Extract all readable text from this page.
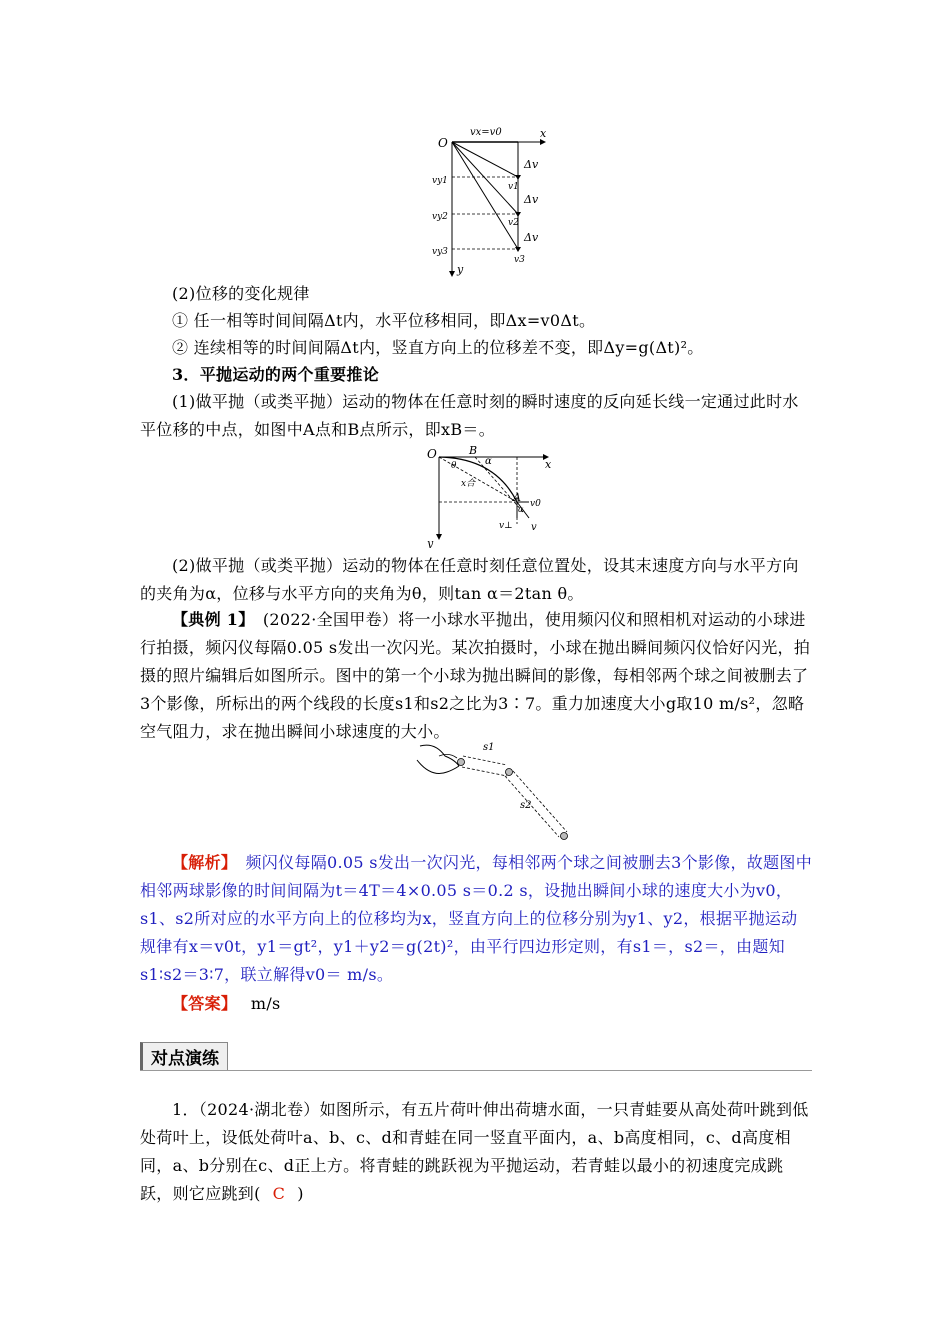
O
vx=v0	x
y
vy1
vy2
vy3
v1
v2
v3
Δv
Δv
Δv
(2)位移的变化规律
① 任一相等时间间隔Δt内，水平位移相同，即Δx=v0Δt。
② 连续相等的时间间隔Δt内，竖直方向上的位移差不变，即Δy=g(Δt)²。
3．平抛运动的两个重要推论
(1)做平抛（或类平抛）运动的物体在任意时刻的瞬时速度的反向延长线一定通过此时水平位移的中点，如图中A点和B点所示，即xB＝。
O	B
α
θ	x
y
x合
A v0
α
v⊥ v
(2)做平抛（或类平抛）运动的物体在任意时刻任意位置处，设其末速度方向与水平方向的夹角为α，位移与水平方向的夹角为θ，则tan α＝2tan θ。
【典例 1】　(2022·全国甲卷）将一小球水平抛出，使用频闪仪和照相机对运动的小球进行拍摄，频闪仪每隔0.05 s发出一次闪光。某次拍摄时，小球在抛出瞬间频闪仪恰好闪光，拍摄的照片编辑后如图所示。图中的第一个小球为抛出瞬间的影像，每相邻两个球之间被删去了3个影像，所标出的两个线段的长度s1和s2之比为3∶7。重力加速度大小g取10 m/s²，忽略空气阻力，求在抛出瞬间小球速度的大小。
s1
s2
【解析】　频闪仪每隔0.05 s发出一次闪光，每相邻两个球之间被删去3个影像，故题图中相邻两球影像的时间间隔为t＝4T＝4×0.05 s＝0.2 s，设抛出瞬间小球的速度大小为v0，s1、s2所对应的水平方向上的位移均为x，竖直方向上的位移分别为y1、y2，根据平抛运动规律有x＝v0t，y1＝gt²，y1＋y2＝g(2t)²，由平行四边形定则，有s1＝，s2＝，由题知s1∶s2＝3∶7，联立解得v0＝ m/s。
【答案】　 m/s
对点演练
1．（2024·湖北卷）如图所示，有五片荷叶伸出荷塘水面，一只青蛙要从高处荷叶跳到低处荷叶上，设低处荷叶a、b、c、d和青蛙在同一竖直平面内，a、b高度相同，c、d高度相同，a、b分别在c、d正上方。将青蛙的跳跃视为平抛运动，若青蛙以最小的初速度完成跳跃，则它应跳到( C )
